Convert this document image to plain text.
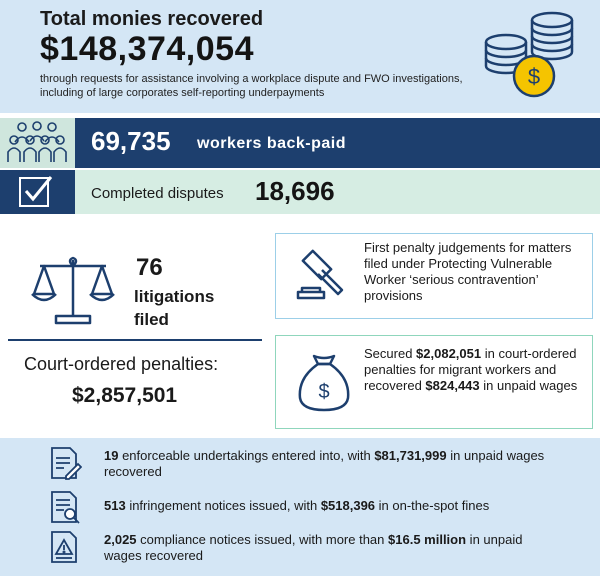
Total monies recovered
$148,374,054
through requests for assistance involving a workplace dispute and FWO investigations, including of large corporates self-reporting underpayments
$
69,735 workers back-paid
Completed disputes 18,696
76
litigations
filed
Court-ordered penalties:
$2,857,501
First penalty judgements for matters filed under Protecting Vulnerable Worker ‘serious contravention’ provisions
$
Secured $2,082,051 in court-ordered penalties for migrant workers and recovered $824,443 in unpaid wages
19 enforceable undertakings entered into, with $81,731,999 in unpaid wages recovered
513 infringement notices issued, with $518,396 in on-the-spot fines
2,025 compliance notices issued, with more than $16.5 million in unpaid wages recovered
